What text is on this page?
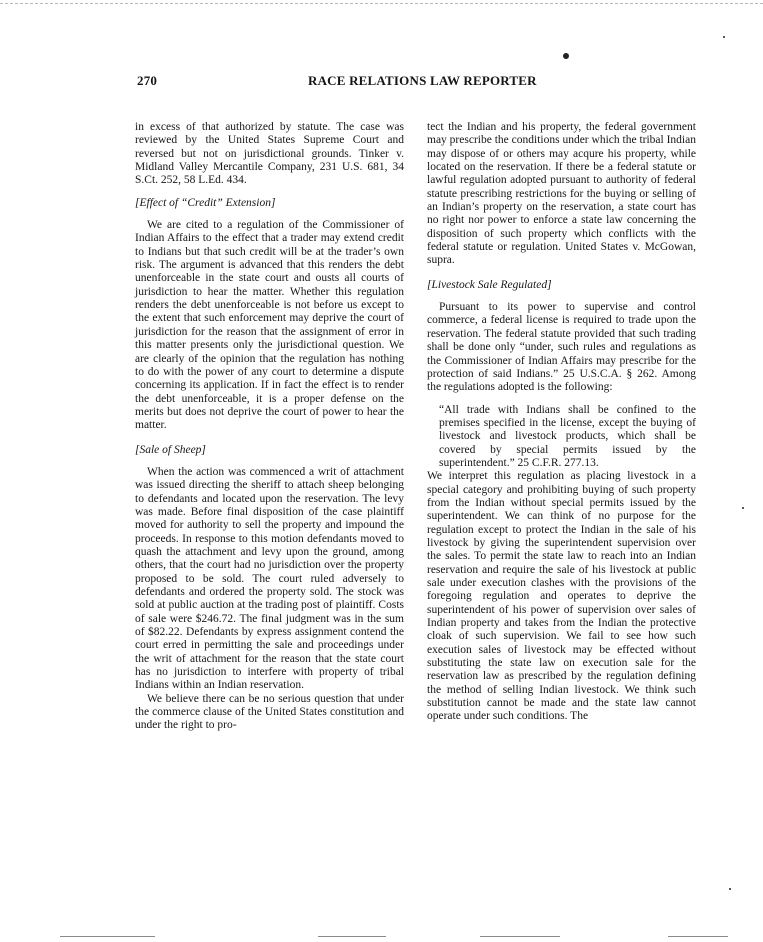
270	RACE RELATIONS LAW REPORTER

in excess of that authorized by statute. The case was reviewed by the United States Supreme Court and reversed but not on jurisdictional grounds. Tinker v. Midland Valley Mercantile Company, 231 U.S. 681, 34 S.Ct. 252, 58 L.Ed. 434.

[Effect of “Credit” Extension]

We are cited to a regulation of the Commissioner of Indian Affairs to the effect that a trader may extend credit to Indians but that such credit will be at the trader’s own risk. The argument is advanced that this renders the debt unenforceable in the state court and ousts all courts of jurisdiction to hear the matter. Whether this regulation renders the debt unenforceable is not before us except to the extent that such enforcement may deprive the court of jurisdiction for the reason that the assignment of error in this matter presents only the jurisdictional question. We are clearly of the opinion that the regulation has nothing to do with the power of any court to determine a dispute concerning its application. If in fact the effect is to render the debt unenforceable, it is a proper defense on the merits but does not deprive the court of power to hear the matter.

[Sale of Sheep]

When the action was commenced a writ of attachment was issued directing the sheriff to attach sheep belonging to defendants and located upon the reservation. The levy was made. Before final disposition of the case plaintiff moved for authority to sell the property and impound the proceeds. In response to this motion defendants moved to quash the attachment and levy upon the ground, among others, that the court had no jurisdiction over the property proposed to be sold. The court ruled adversely to defendants and ordered the property sold. The stock was sold at public auction at the trading post of plaintiff. Costs of sale were $246.72. The final judgment was in the sum of $82.22. Defendants by express assignment contend the court erred in permitting the sale and proceedings under the writ of attachment for the reason that the state court has no jurisdiction to interfere with property of tribal Indians within an Indian reservation.

We believe there can be no serious question that under the commerce clause of the United States constitution and under the right to pro-

tect the Indian and his property, the federal government may prescribe the conditions under which the tribal Indian may dispose of or others may acqure his property, while located on the reservation. If there be a federal statute or lawful regulation adopted pursuant to authority of federal statute prescribing restrictions for the buying or selling of an Indian’s property on the reservation, a state court has no right nor power to enforce a state law concerning the disposition of such property which conflicts with the federal statute or regulation. United States v. McGowan, supra.

[Livestock Sale Regulated]

Pursuant to its power to supervise and control commerce, a federal license is required to trade upon the reservation. The federal statute provided that such trading shall be done only “under, such rules and regulations as the Commissioner of Indian Affairs may prescribe for the protection of said Indians.” 25 U.S.C.A. § 262. Among the regulations adopted is the following:

“All trade with Indians shall be confined to the premises specified in the license, except the buying of livestock and livestock products, which shall be covered by special permits issued by the superintendent.” 25 C.F.R. 277.13.

We interpret this regulation as placing livestock in a special category and prohibiting buying of such property from the Indian without special permits issued by the superintendent. We can think of no purpose for the regulation except to protect the Indian in the sale of his livestock by giving the superintendent supervision over the sales. To permit the state law to reach into an Indian reservation and require the sale of his livestock at public sale under execution clashes with the provisions of the foregoing regulation and operates to deprive the superintendent of his power of supervision over sales of Indian property and takes from the Indian the protective cloak of such supervision. We fail to see how such execution sales of livestock may be effected without substituting the state law on execution sale for the reservation law as prescribed by the regulation defining the method of selling Indian livestock. We think such substitution cannot be made and the state law cannot operate under such conditions. The
